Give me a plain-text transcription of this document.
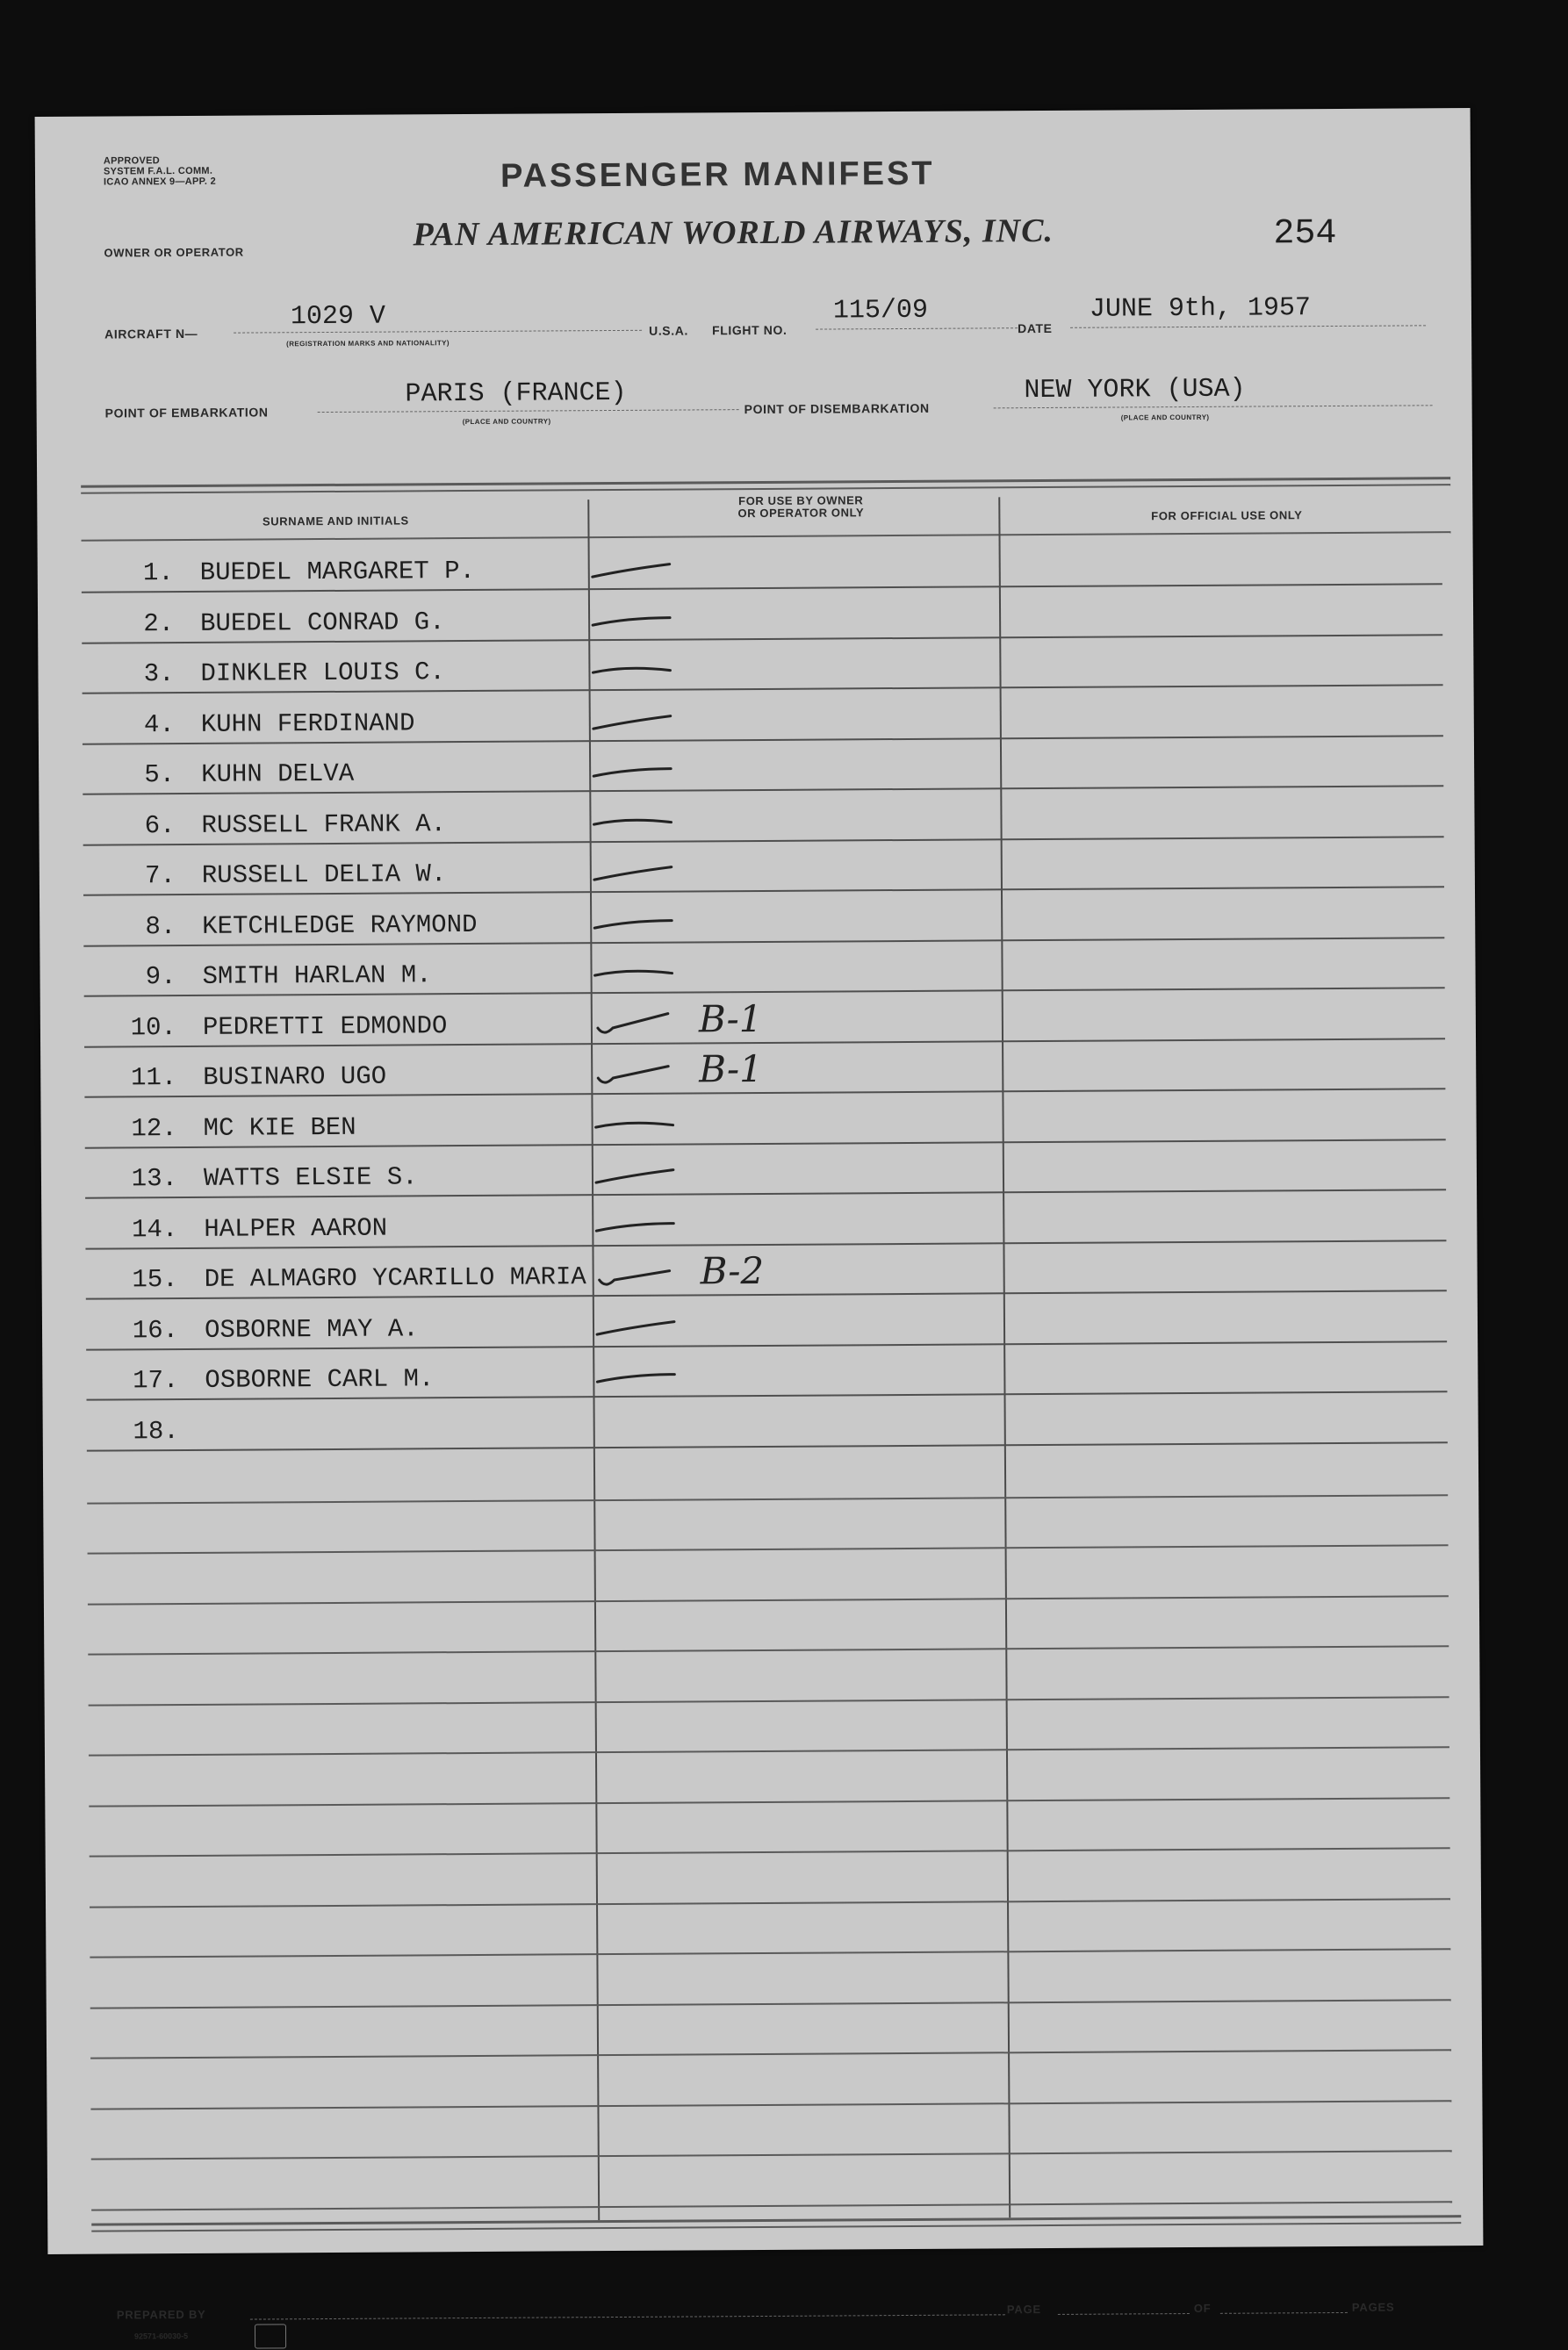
APPROVED
SYSTEM F.A.L. COMM.
ICAO ANNEX 9—APP. 2	PASSENGER MANIFEST
OWNER OR OPERATOR	PAN AMERICAN WORLD AIRWAYS, INC.	254
AIRCRAFT N—
1029 V
(REGISTRATION MARKS AND NATIONALITY)
U.S.A. FLIGHT NO.
115/09
DATE
JUNE 9th, 1957
POINT OF EMBARKATION
PARIS (FRANCE)
(PLACE AND COUNTRY)
POINT OF DISEMBARKATION
NEW YORK (USA)
(PLACE AND COUNTRY)
SURNAME AND INITIALS
FOR USE BY OWNER
OR OPERATOR ONLY	FOR OFFICIAL USE ONLY
1. BUEDEL MARGARET P.
2. BUEDEL CONRAD G.
3. DINKLER LOUIS C.
4. KUHN FERDINAND
5. KUHN DELVA
6. RUSSELL FRANK A.
7. RUSSELL DELIA W.
8. KETCHLEDGE RAYMOND
9. SMITH HARLAN M.
10. PEDRETTI EDMONDO	B-1
11. BUSINARO UGO	B-1
12. MC KIE BEN
13. WATTS ELSIE S.
14. HALPER AARON
15. DE ALMAGRO YCARILLO MARIA	B-2
16. OSBORNE MAY A.
17. OSBORNE CARL M.
18.
PREPARED BY	PAGE	OF	PAGES
92571-60030-5
